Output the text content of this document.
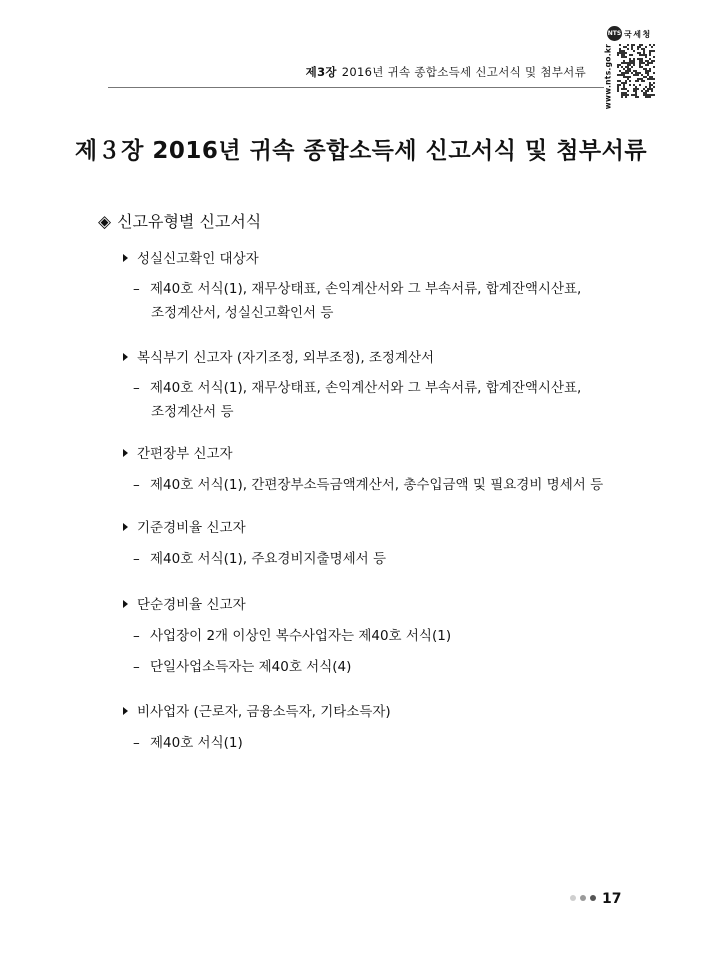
제3장 2016년 귀속 종합소득세 신고서식 및 첨부서류
NTS 국세청
www.nts.go.kr
제３장 2016년 귀속 종합소득세 신고서식 및 첨부서류
◈ 신고유형별 신고서식
성실신고확인 대상자
– 제40호 서식(1), 재무상태표, 손익계산서와 그 부속서류, 합계잔액시산표,
조정계산서, 성실신고확인서 등
복식부기 신고자 (자기조정, 외부조정), 조정계산서
– 제40호 서식(1), 재무상태표, 손익계산서와 그 부속서류, 합계잔액시산표,
조정계산서 등
간편장부 신고자
– 제40호 서식(1), 간편장부소득금액계산서, 총수입금액 및 필요경비 명세서 등
기준경비율 신고자
– 제40호 서식(1), 주요경비지출명세서 등
단순경비율 신고자
– 사업장이 2개 이상인 복수사업자는 제40호 서식(1)
– 단일사업소득자는 제40호 서식(4)
비사업자 (근로자, 금융소득자, 기타소득자)
– 제40호 서식(1)
17
